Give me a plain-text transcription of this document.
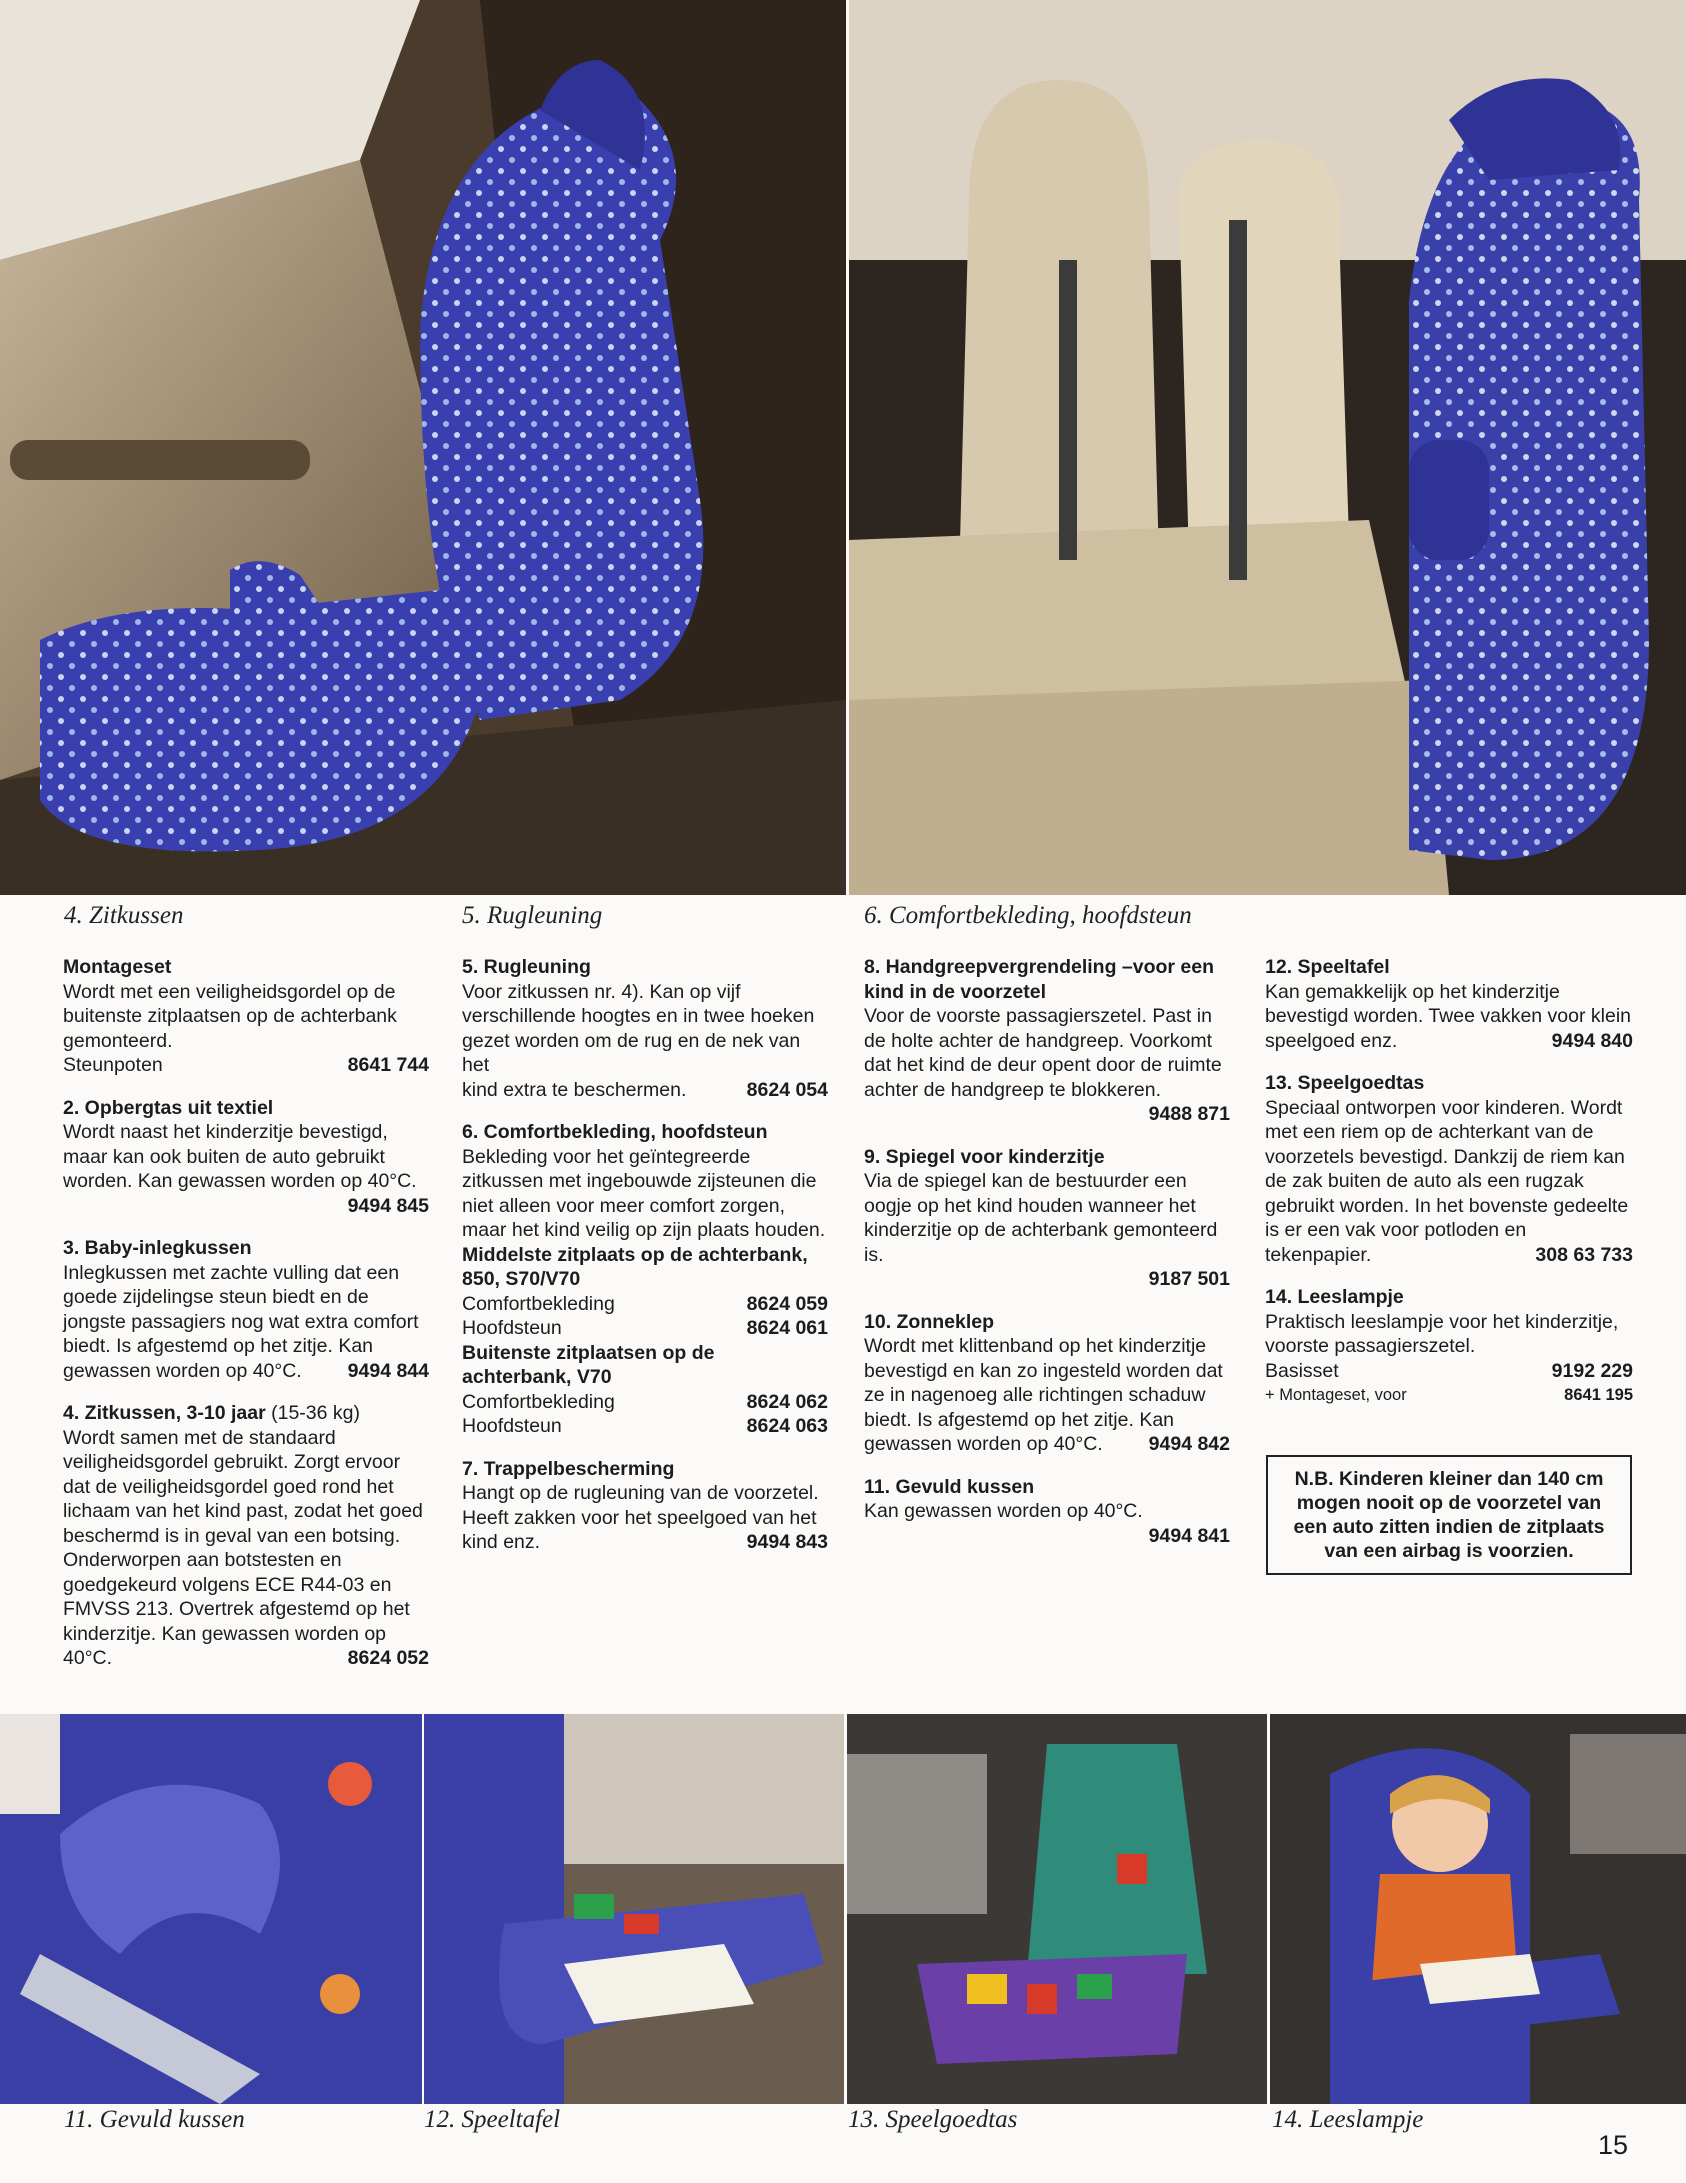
4. Zitkussen	5. Rugleuning	6. Comfortbekleding, hoofdsteun
Montageset

Wordt met een veiligheidsgordel op de buitenste zitplaatsen op de achterbank gemonteerd.

Steunpoten	8641 744
2. Opbergtas uit textiel

Wordt naast het kinderzitje bevestigd, maar kan ook buiten de auto gebruikt worden. Kan gewassen worden op 40°C.

9494 845
3. Baby-inlegkussen

Inlegkussen met zachte vulling dat een goede zijdelingse steun biedt en de jongste passagiers nog wat extra comfort biedt. Is afgestemd op het zitje. Kan

gewassen worden op 40°C. 9494 844
4. Zitkussen, 3-10 jaar (15-36 kg)

Wordt samen met de standaard veiligheidsgordel gebruikt. Zorgt ervoor dat de veiligheidsgordel goed rond het lichaam van het kind past, zodat het goed beschermd is in geval van een botsing. Onderworpen aan botstesten en goedgekeurd volgens ECE R44-03 en FMVSS 213. Overtrek afgestemd op het kinderzitje. Kan gewassen worden op

40°C.	8624 052
5. Rugleuning

Voor zitkussen nr. 4). Kan op vijf verschillende hoogtes en in twee hoeken gezet worden om de rug en de nek van het

kind extra te beschermen.	8624 054
6. Comfortbekleding, hoofdsteun

Bekleding voor het geïntegreerde zitkussen met ingebouwde zijsteunen die niet alleen voor meer comfort zorgen, maar het kind veilig op zijn plaats houden.

Middelste zitplaats op de achterbank, 850, S70/V70
Comfortbekleding	8624 059
Hoofdsteun	8624 061
Buitenste zitplaatsen op de achterbank, V70
Comfortbekleding	8624 062
Hoofdsteun	8624 063
7. Trappelbescherming

Hangt op de rugleuning van de voorzetel. Heeft zakken voor het speelgoed van het

kind enz.	9494 843
8. Handgreepvergrendeling –voor een kind in de voorzetel

Voor de voorste passagierszetel. Past in de holte achter de handgreep. Voorkomt dat het kind de deur opent door de ruimte achter de handgreep te blokkeren.

9488 871
9. Spiegel voor kinderzitje

Via de spiegel kan de bestuurder een oogje op het kind houden wanneer het kinderzitje op de achterbank gemonteerd is.

9187 501
10. Zonneklep

Wordt met klittenband op het kinderzitje bevestigd en kan zo ingesteld worden dat ze in nagenoeg alle richtingen schaduw biedt. Is afgestemd op het zitje. Kan

gewassen worden op 40°C. 9494 842
11. Gevuld kussen

Kan gewassen worden op 40°C.

9494 841
12. Speeltafel

Kan gemakkelijk op het kinderzitje bevestigd worden. Twee vakken voor klein

speelgoed enz.	9494 840
13. Speelgoedtas

Speciaal ontworpen voor kinderen. Wordt met een riem op de achterkant van de voorzetels bevestigd. Dankzij de riem kan de zak buiten de auto als een rugzak gebruikt worden. In het bovenste gedeelte is er een vak voor potloden en

tekenpapier.	308 63 733
14. Leeslampje

Praktisch leeslampje voor het kinderzitje, voorste passagierszetel.

Basisset	9192 229
+ Montageset, voor	8641 195
N.B. Kinderen kleiner dan 140 cm mogen nooit op de voorzetel van een auto zitten indien de zitplaats van een airbag is voorzien.
11. Gevuld kussen	12. Speeltafel	13. Speelgoedtas	14. Leeslampje
15
